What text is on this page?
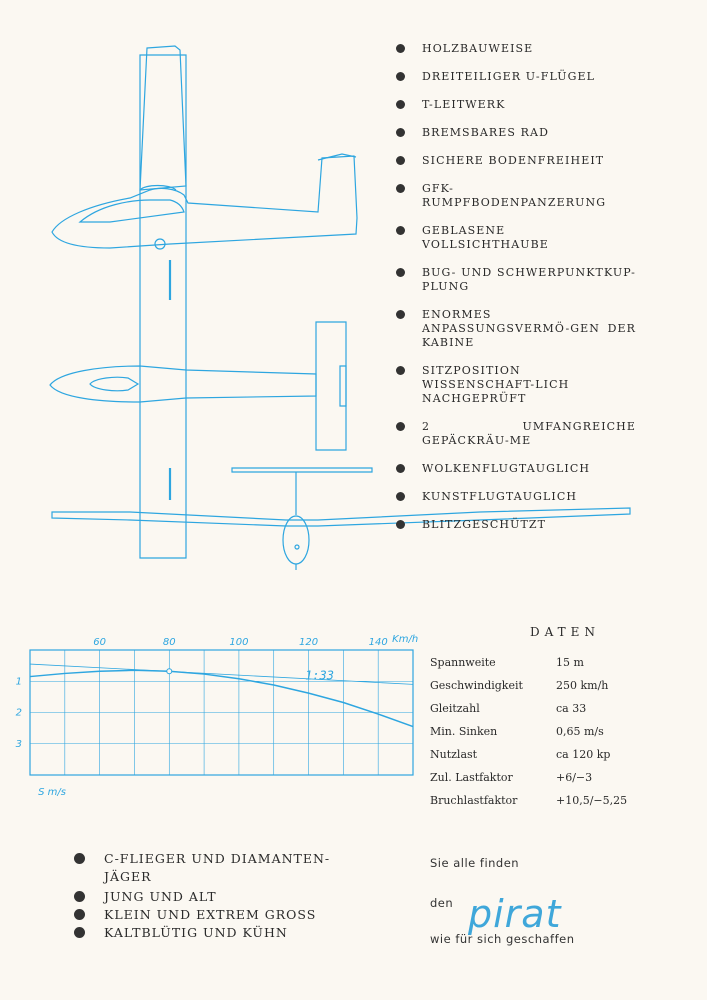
HOLZBAUWEISE
DREITEILIGER U-FLÜGEL
T-LEITWERK
BREMSBARES RAD
SICHERE BODENFREIHEIT
GFK-RUMPFBODENPANZERUNG
GEBLASENE VOLLSICHTHAUBE
BUG- UND SCHWERPUNKTKUP-PLUNG
ENORMES ANPASSUNGSVERMÖ-GEN DER KABINE
SITZPOSITION WISSENSCHAFT-LICH NACHGEPRÜFT
2 UMFANGREICHE GEPÄCKRÄU-ME
WOLKENFLUGTAUGLICH
KUNSTFLUGTAUGLICH
BLITZGESCHÜTZT
60	80	100	120	140
1
2
3
Km/h
S m/s
1:33
DATEN
Spannweite	15 m
Geschwindigkeit	250 km/h
Gleitzahl	ca 33
Min. Sinken	0,65 m/s
Nutzlast	ca 120 kp
Zul. Lastfaktor	+6/−3
Bruchlastfaktor	+10,5/−5,25
C-FLIEGER UND DIAMANTEN-JÄGER
JUNG UND ALT
KLEIN UND EXTREM GROSS
KALTBLÜTIG UND KÜHN
Sie alle finden
den pirat
wie für sich geschaffen
